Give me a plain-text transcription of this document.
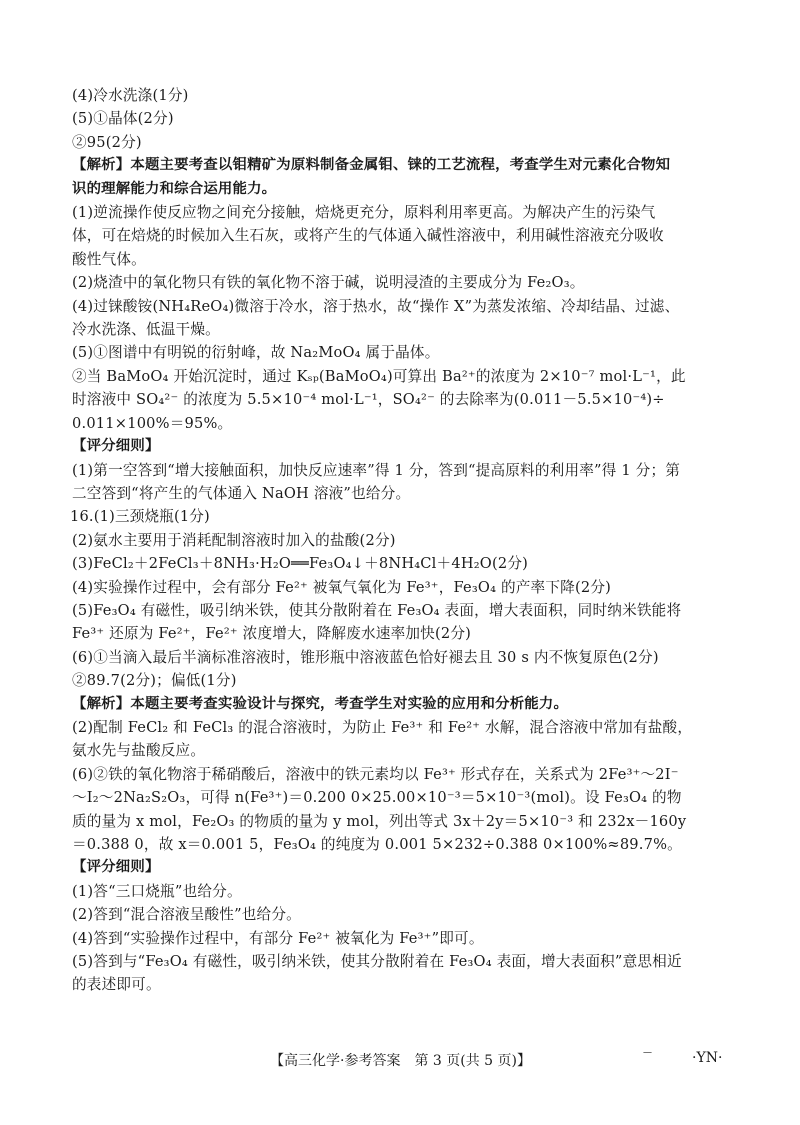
(4)冷水洗涤(1分)
(5)①晶体(2分)
②95(2分)
【解析】本题主要考查以钼精矿为原料制备金属钼、铼的工艺流程，考查学生对元素化合物知
识的理解能力和综合运用能力。
(1)逆流操作使反应物之间充分接触，焙烧更充分，原料利用率更高。为解决产生的污染气
体，可在焙烧的时候加入生石灰，或将产生的气体通入碱性溶液中，利用碱性溶液充分吸收
酸性气体。
(2)烧渣中的氧化物只有铁的氧化物不溶于碱，说明浸渣的主要成分为 Fe₂O₃。
(4)过铼酸铵(NH₄ReO₄)微溶于冷水，溶于热水，故“操作 X”为蒸发浓缩、冷却结晶、过滤、
冷水洗涤、低温干燥。
(5)①图谱中有明锐的衍射峰，故 Na₂MoO₄ 属于晶体。
②当 BaMoO₄ 开始沉淀时，通过 Kₛₚ(BaMoO₄)可算出 Ba²⁺的浓度为 2×10⁻⁷ mol·L⁻¹，此
时溶液中 SO₄²⁻ 的浓度为 5.5×10⁻⁴ mol·L⁻¹，SO₄²⁻ 的去除率为(0.011－5.5×10⁻⁴)÷
0.011×100%＝95%。
【评分细则】
(1)第一空答到“增大接触面积，加快反应速率”得 1 分，答到“提高原料的利用率”得 1 分；第
二空答到“将产生的气体通入 NaOH 溶液”也给分。
16.(1)三颈烧瓶(1分)
(2)氨水主要用于消耗配制溶液时加入的盐酸(2分)
(3)FeCl₂＋2FeCl₃＋8NH₃·H₂O══Fe₃O₄↓＋8NH₄Cl＋4H₂O(2分)
(4)实验操作过程中，会有部分 Fe²⁺ 被氧气氧化为 Fe³⁺，Fe₃O₄ 的产率下降(2分)
(5)Fe₃O₄ 有磁性，吸引纳米铁，使其分散附着在 Fe₃O₄ 表面，增大表面积，同时纳米铁能将
Fe³⁺ 还原为 Fe²⁺，Fe²⁺ 浓度增大，降解废水速率加快(2分)
(6)①当滴入最后半滴标准溶液时，锥形瓶中溶液蓝色恰好褪去且 30 s 内不恢复原色(2分)
②89.7(2分)；偏低(1分)
【解析】本题主要考查实验设计与探究，考查学生对实验的应用和分析能力。
(2)配制 FeCl₂ 和 FeCl₃ 的混合溶液时，为防止 Fe³⁺ 和 Fe²⁺ 水解，混合溶液中常加有盐酸，
氨水先与盐酸反应。
(6)②铁的氧化物溶于稀硝酸后，溶液中的铁元素均以 Fe³⁺ 形式存在，关系式为 2Fe³⁺～2I⁻
～I₂～2Na₂S₂O₃，可得 n(Fe³⁺)＝0.200 0×25.00×10⁻³＝5×10⁻³(mol)。设 Fe₃O₄ 的物
质的量为 x mol，Fe₂O₃ 的物质的量为 y mol，列出等式 3x＋2y＝5×10⁻³ 和 232x－160y
＝0.388 0，故 x＝0.001 5，Fe₃O₄ 的纯度为 0.001 5×232÷0.388 0×100%≈89.7%。
【评分细则】
(1)答“三口烧瓶”也给分。
(2)答到“混合溶液呈酸性”也给分。
(4)答到“实验操作过程中，有部分 Fe²⁺ 被氧化为 Fe³⁺”即可。
(5)答到与“Fe₃O₄ 有磁性，吸引纳米铁，使其分散附着在 Fe₃O₄ 表面，增大表面积”意思相近
的表述即可。
【高三化学·参考答案　第 3 页(共 5 页)】	—	·YN·
